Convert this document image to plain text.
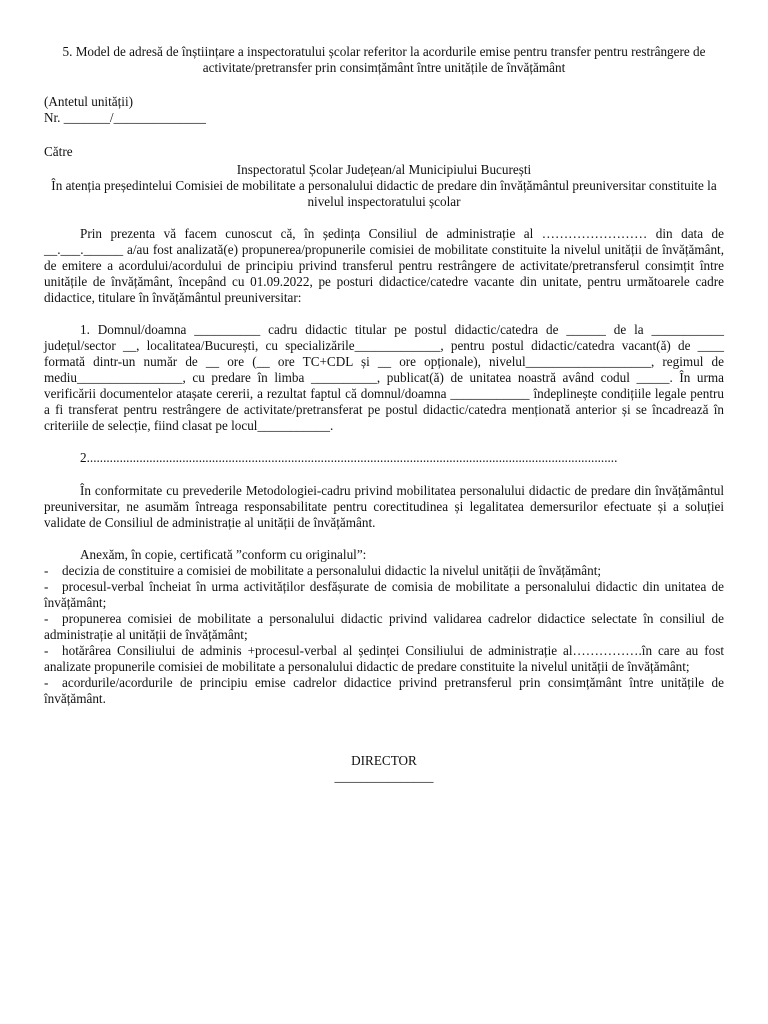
5. Model de adresă de înștiințare a inspectoratului școlar referitor la acordurile emise pentru transfer pentru restrângere de activitate/pretransfer prin consimțământ între unitățile de învățământ

(Antetul unității)

Nr. _______/______________

Către

Inspectoratul Școlar Județean/al Municipiului București

În atenția președintelui Comisiei de mobilitate a personalului didactic de predare din învățământul preuniversitar constituite la nivelul inspectoratului școlar

Prin prezenta vă facem cunoscut că, în ședința Consiliul de administrație al …………………… din data de __.___.______ a/au fost analizată(e) propunerea/propunerile comisiei de mobilitate constituite la nivelul unității de învățământ, de emitere a acordului/acordului de principiu privind transferul pentru restrângere de activitate/pretransferul consimțit între unitățile de învățământ, începând cu 01.09.2022, pe posturi didactice/catedre vacante din unitate, pentru următoarele cadre didactice, titulare în învățământul preuniversitar:

1. Domnul/doamna __________ cadru didactic titular pe postul didactic/catedra de ______ de la ___________ județul/sector __, localitatea/București, cu specializările_____________, pentru postul didactic/catedra vacant(ă) de ____ formată dintr-un număr de __ ore (__ ore TC+CDL și __ ore opționale), nivelul___________________, regimul de mediu________________, cu predare în limba __________, publicat(ă) de unitatea noastră având codul _____. În urma verificării documentelor atașate cererii, a rezultat faptul că domnul/doamna ____________ îndeplinește condițiile legale pentru a fi transferat pentru restrângere de activitate/pretransferat pe postul didactic/catedra menționată anterior și se încadrează în criteriile de selecție, fiind clasat pe locul___________.

2.................................................................................................................................................................

În conformitate cu prevederile Metodologiei-cadru privind mobilitatea personalului didactic de predare din învățământul preuniversitar, ne asumăm întreaga responsabilitate pentru corectitudinea și legalitatea demersurilor efectuate și a soluției validate de Consiliul de administrație al unității de învățământ.

Anexăm, în copie, certificată ”conform cu originalul”:

- decizia de constituire a comisiei de mobilitate a personalului didactic la nivelul unității de învățământ;
- procesul-verbal încheiat în urma activităților desfășurate de comisia de mobilitate a personalului didactic din unitatea de învățământ;
- propunerea comisiei de mobilitate a personalului didactic privind validarea cadrelor didactice selectate în consiliul de administrație al unității de învățământ;
- hotărârea Consiliului de adminis +procesul-verbal al ședinței Consiliului de administrație al…………….în care au fost analizate propunerile comisiei de mobilitate a personalului didactic de predare constituite la nivelul unității de învățământ;
- acordurile/acordurile de principiu emise cadrelor didactice privind pretransferul prin consimțământ între unitățile de învățământ.

DIRECTOR

_______________
